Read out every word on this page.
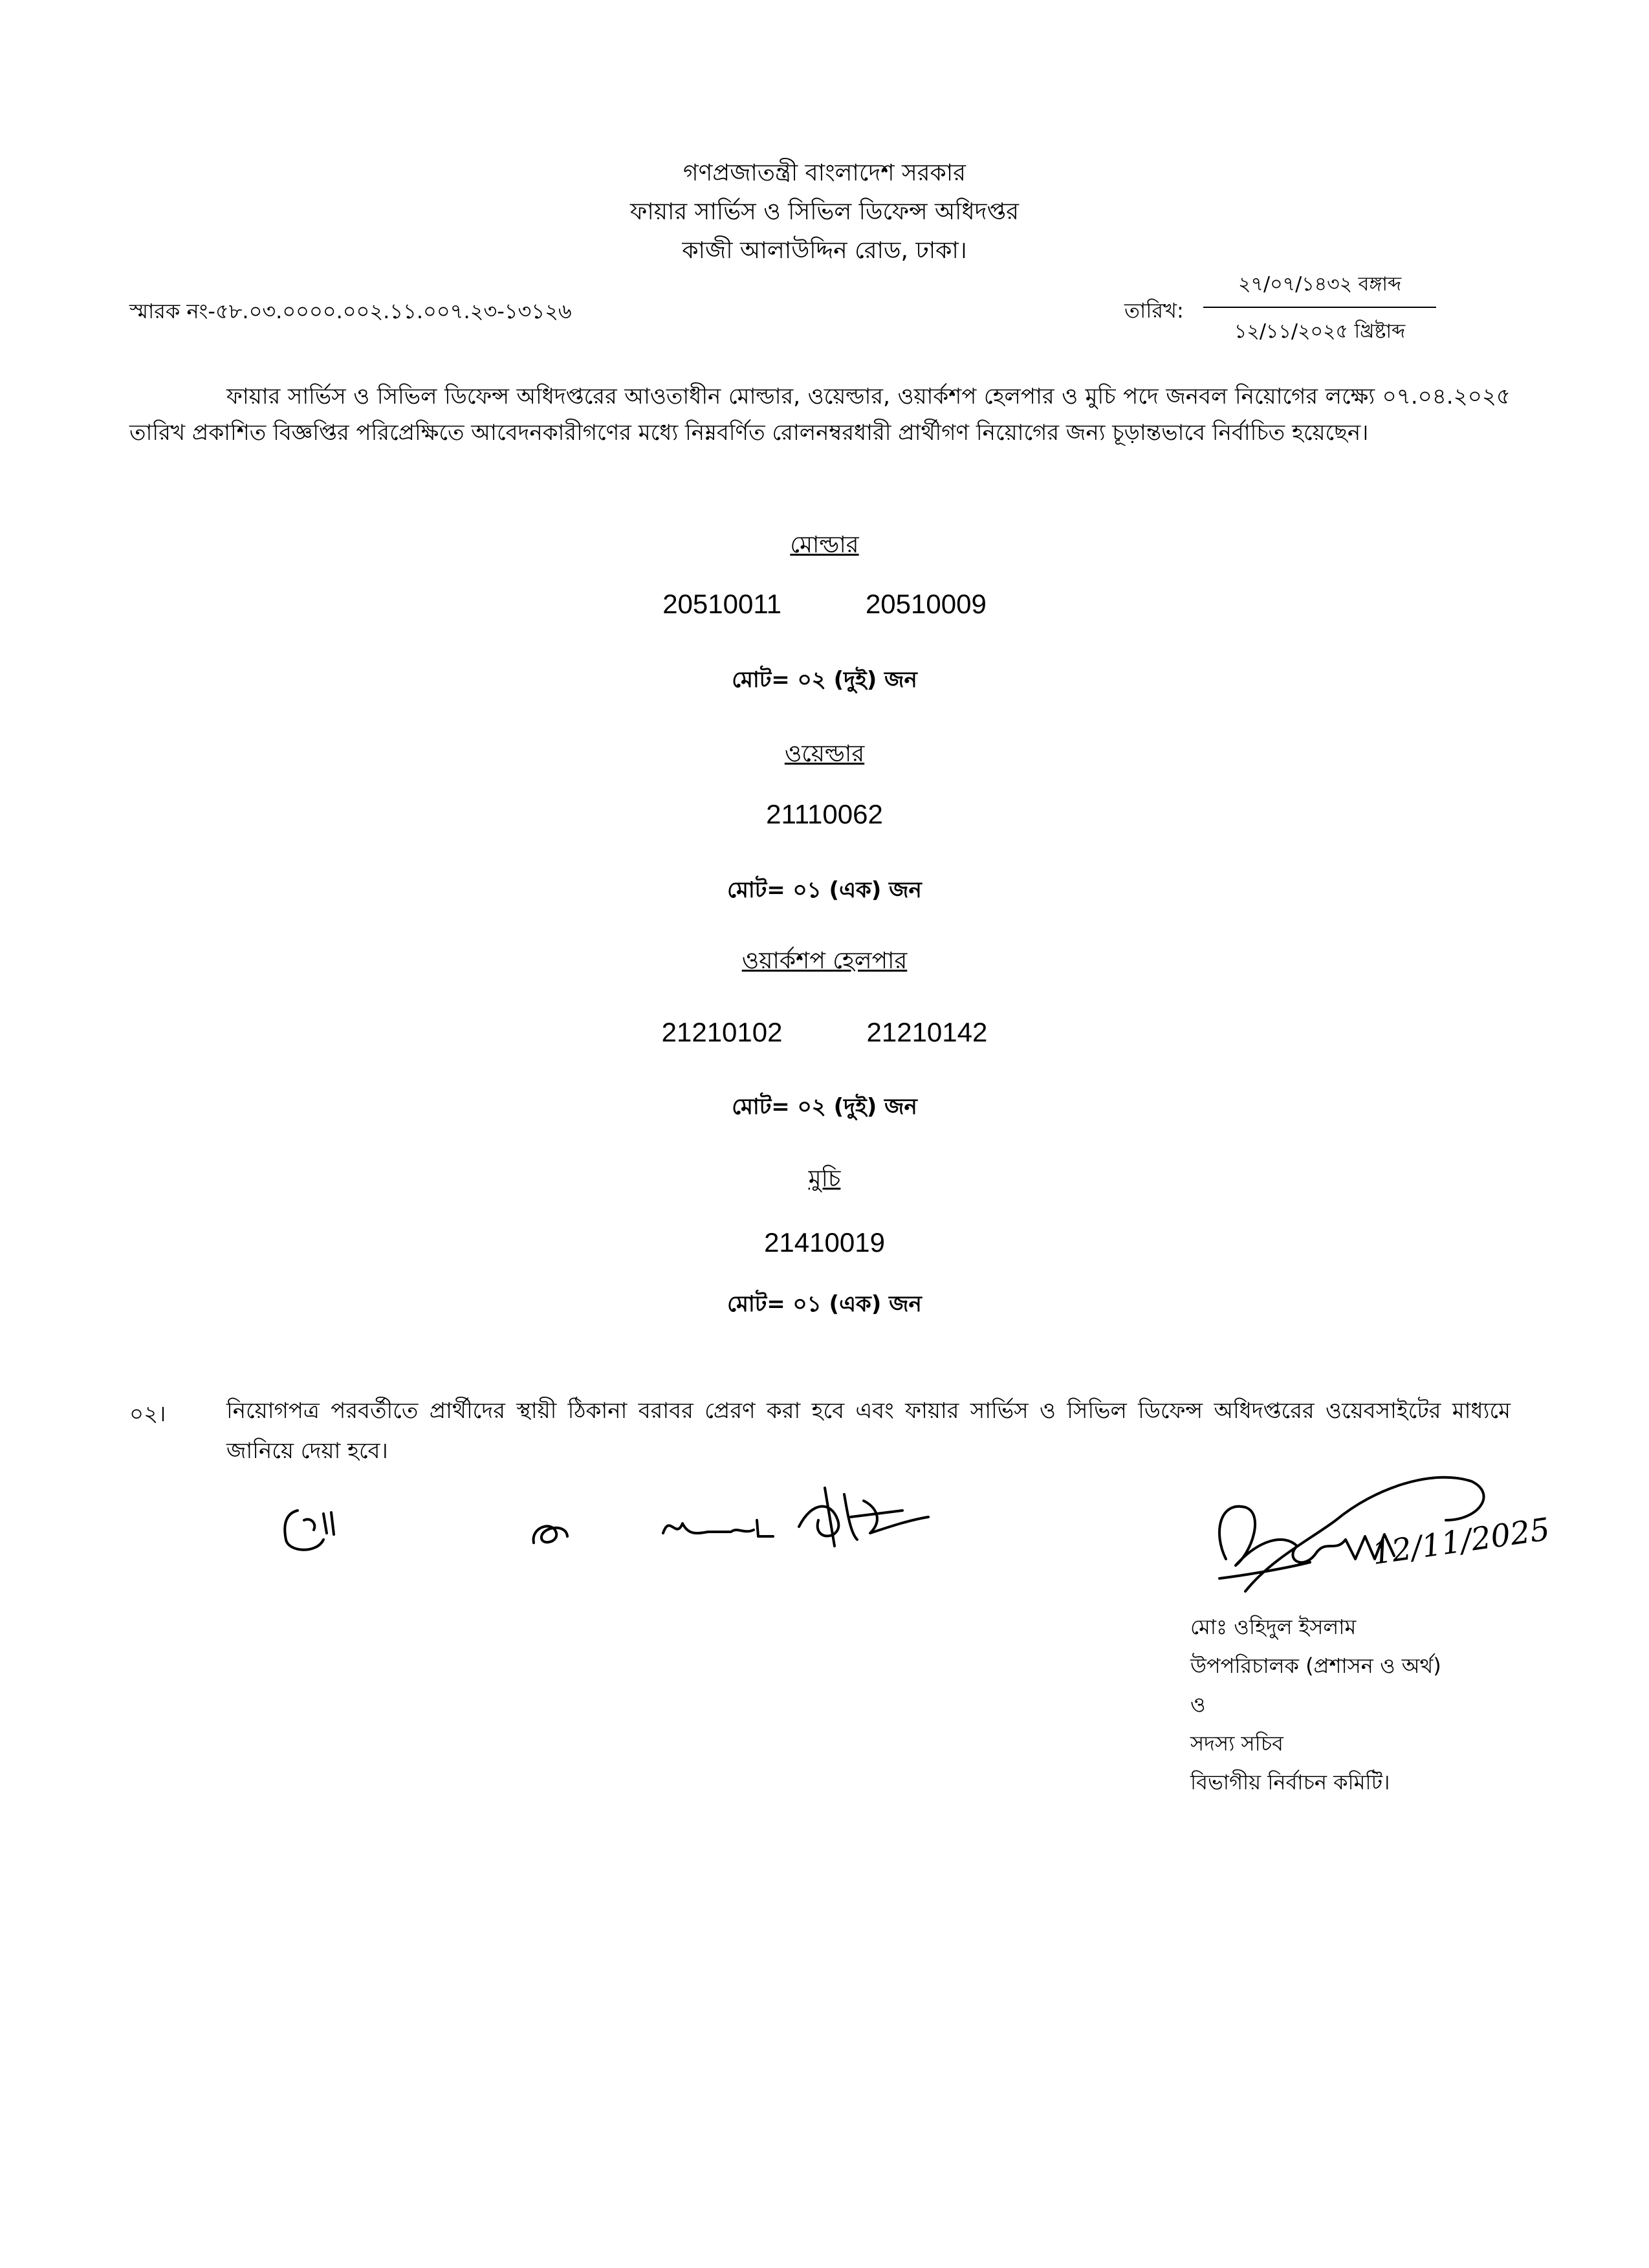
গণপ্রজাতন্ত্রী বাংলাদেশ সরকার
ফায়ার সার্ভিস ও সিভিল ডিফেন্স অধিদপ্তর
কাজী আলাউদ্দিন রোড, ঢাকা।
স্মারক নং-৫৮.০৩.০০০০.০০২.১১.০০৭.২৩-১৩১২৬	তারিখ:
২৭/০৭/১৪৩২ বঙ্গাব্দ
১২/১১/২০২৫ খ্রিষ্টাব্দ
ফায়ার সার্ভিস ও সিভিল ডিফেন্স অধিদপ্তরের আওতাধীন মোল্ডার, ওয়েল্ডার, ওয়ার্কশপ হেলপার ও মুচি পদে জনবল নিয়োগের লক্ষ্যে ০৭.০৪.২০২৫ তারিখ প্রকাশিত বিজ্ঞপ্তির পরিপ্রেক্ষিতে আবেদনকারীগণের মধ্যে নিম্নবর্ণিত রোলনম্বরধারী প্রার্থীগণ নিয়োগের জন্য চূড়ান্তভাবে নির্বাচিত হয়েছেন।
মোল্ডার
20510011	20510009
মোট= ০২ (দুই) জন
ওয়েল্ডার
21110062
মোট= ০১ (এক) জন
ওয়ার্কশপ হেলপার
21210102	21210142
মোট= ০২ (দুই) জন
মুচি
21410019
মোট= ০১ (এক) জন
০২।	নিয়োগপত্র পরবর্তীতে প্রার্থীদের স্থায়ী ঠিকানা বরাবর প্রেরণ করা হবে এবং ফায়ার সার্ভিস ও সিভিল ডিফেন্স অধিদপ্তরের ওয়েবসাইটের মাধ্যমে জানিয়ে দেয়া হবে।
12/11/2025
মোঃ ওহিদুল ইসলাম
উপপরিচালক (প্রশাসন ও অর্থ)
ও
সদস্য সচিব
বিভাগীয় নির্বাচন কমিটি।
